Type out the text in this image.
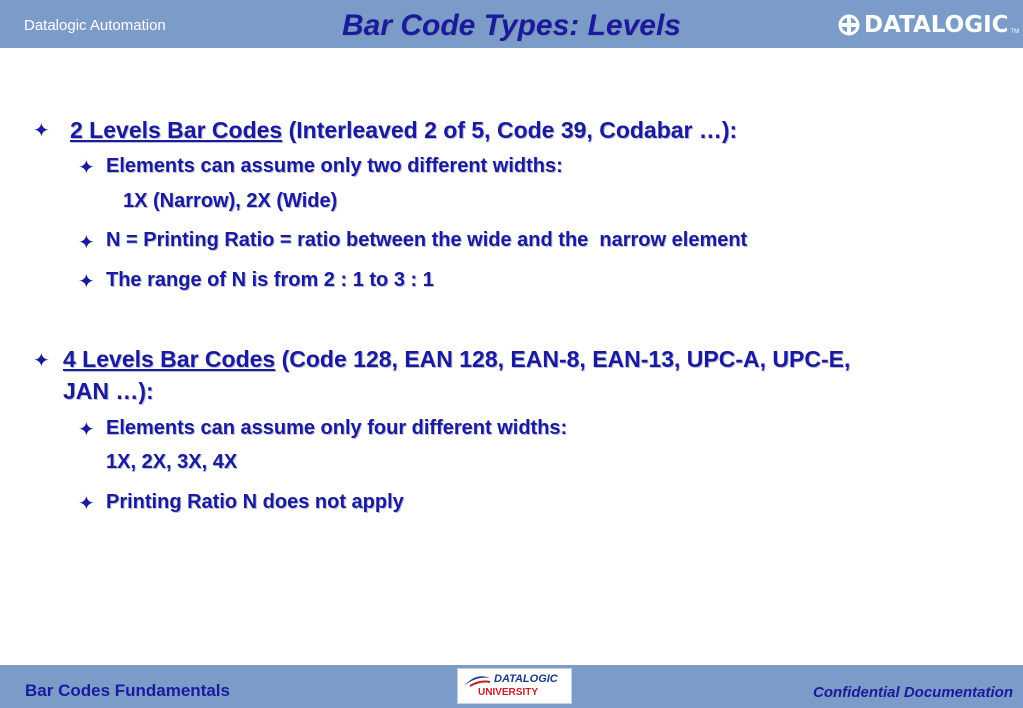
Datalogic Automation	Bar Code Types: Levels	DATALOGIC TM
✦ 2 Levels Bar Codes (Interleaved 2 of 5, Code 39, Codabar …):
✦ Elements can assume only two different widths:
1X (Narrow), 2X (Wide)
✦ N = Printing Ratio = ratio between the wide and the  narrow element
✦ The range of N is from 2 : 1 to 3 : 1
✦ 4 Levels Bar Codes (Code 128, EAN 128, EAN-8, EAN-13, UPC-A, UPC-E,
JAN …):
✦ Elements can assume only four different widths:
1X, 2X, 3X, 4X
✦ Printing Ratio N does not apply
Bar Codes Fundamentals
DATALOGIC
UNIVERSITY	Confidential Documentation
